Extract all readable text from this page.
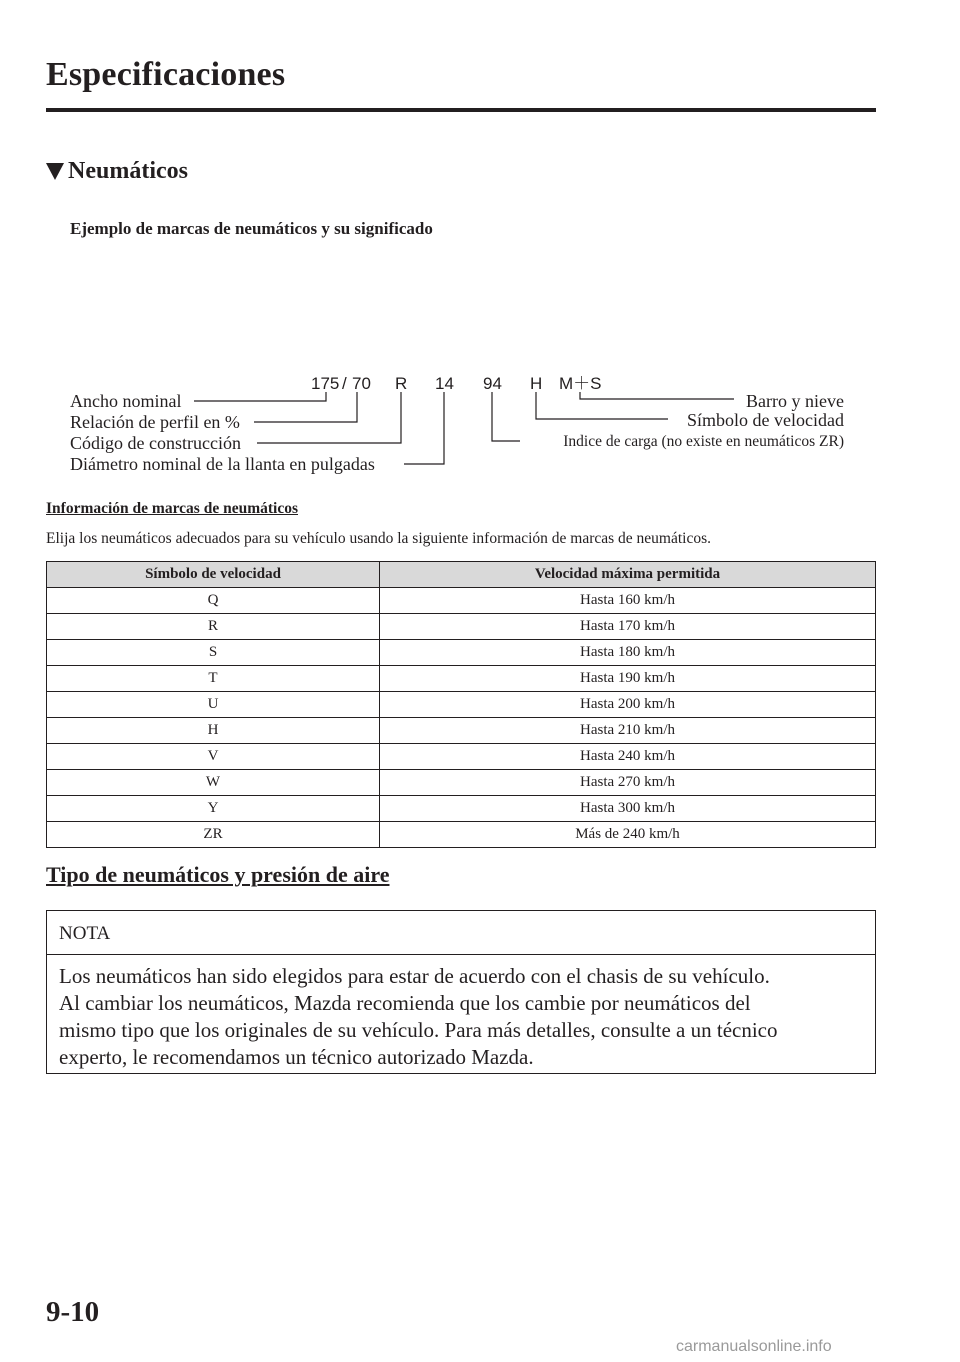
Especificaciones
Neumáticos
Ejemplo de marcas de neumáticos y su significado
175 / 70 R 14 94 H M＋S
Ancho nominal
Relación de perfil en %
Código de construcción
Diámetro nominal de la llanta en pulgadas
Barro y nieve
Símbolo de velocidad
Indice de carga (no existe en neumáticos ZR)
Información de marcas de neumáticos
Elija los neumáticos adecuados para su vehículo usando la siguiente información de marcas de neumáticos.
Símbolo de velocidad	Velocidad máxima permitida
Q	Hasta 160 km/h
R	Hasta 170 km/h
S	Hasta 180 km/h
T	Hasta 190 km/h
U	Hasta 200 km/h
H	Hasta 210 km/h
V	Hasta 240 km/h
W	Hasta 270 km/h
Y	Hasta 300 km/h
ZR	Más de 240 km/h
Tipo de neumáticos y presión de aire
NOTA
Los neumáticos han sido elegidos para estar de acuerdo con el chasis de su vehículo.
Al cambiar los neumáticos, Mazda recomienda que los cambie por neumáticos del
mismo tipo que los originales de su vehículo. Para más detalles, consulte a un técnico
experto, le recomendamos un técnico autorizado Mazda.
9-10
carmanualsonline.info
